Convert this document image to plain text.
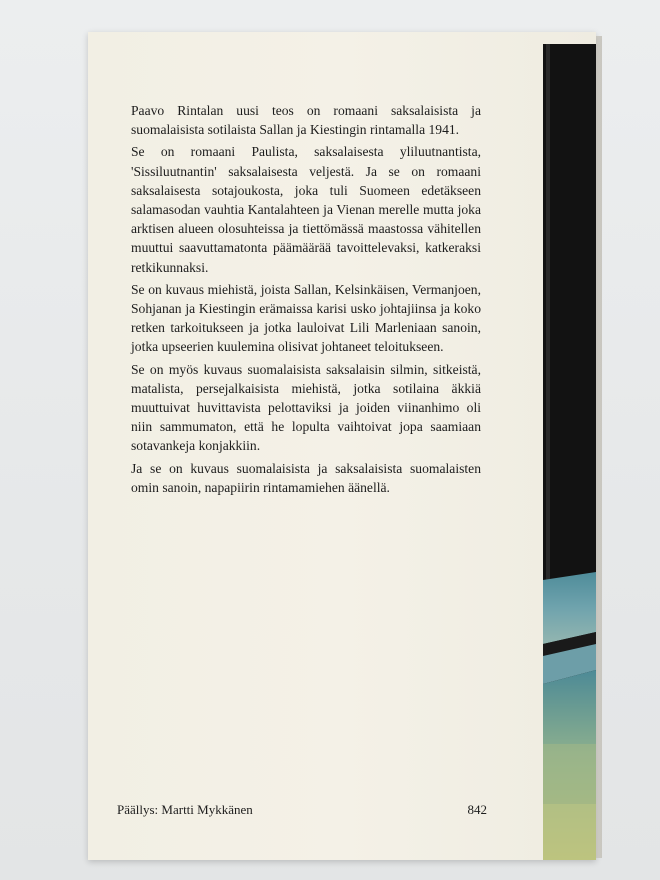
Paavo Rintalan uusi teos on romaani saksalaisista ja suomalaisista sotilaista Sallan ja Kiestingin rintamalla 1941.

Se on romaani Paulista, saksalaisesta yliluutnantista, 'Sissiluutnantin' saksalaisesta veljestä. Ja se on romaani saksalaisesta sotajoukosta, joka tuli Suomeen edetäkseen salamasodan vauhtia Kantalahteen ja Vienan merelle mutta joka arktisen alueen olosuhteissa ja tiettömässä maastossa vähitellen muuttui saavuttamatonta päämäärää tavoittelevaksi, katkeraksi retkikunnaksi.

Se on kuvaus miehistä, joista Sallan, Kelsinkäisen, Vermanjoen, Sohjanan ja Kiestingin erämaissa karisi usko johtajiinsa ja koko retken tarkoitukseen ja jotka lauloivat Lili Marleniaan sanoin, jotka upseerien kuulemina olisivat johtaneet teloitukseen.

Se on myös kuvaus suomalaisista saksalaisin silmin, sitkeistä, matalista, persejalkaisista miehistä, jotka sotilaina äkkiä muuttuivat huvittavista pelottaviksi ja joiden viinanhimo oli niin sammumaton, että he lopulta vaihtoivat jopa saamiaan sotavankeja konjakkiin.

Ja se on kuvaus suomalaisista ja saksalaisista suomalaisten omin sanoin, napapiirin rintamamiehen äänellä.

Päällys: Martti Mykkänen	842
